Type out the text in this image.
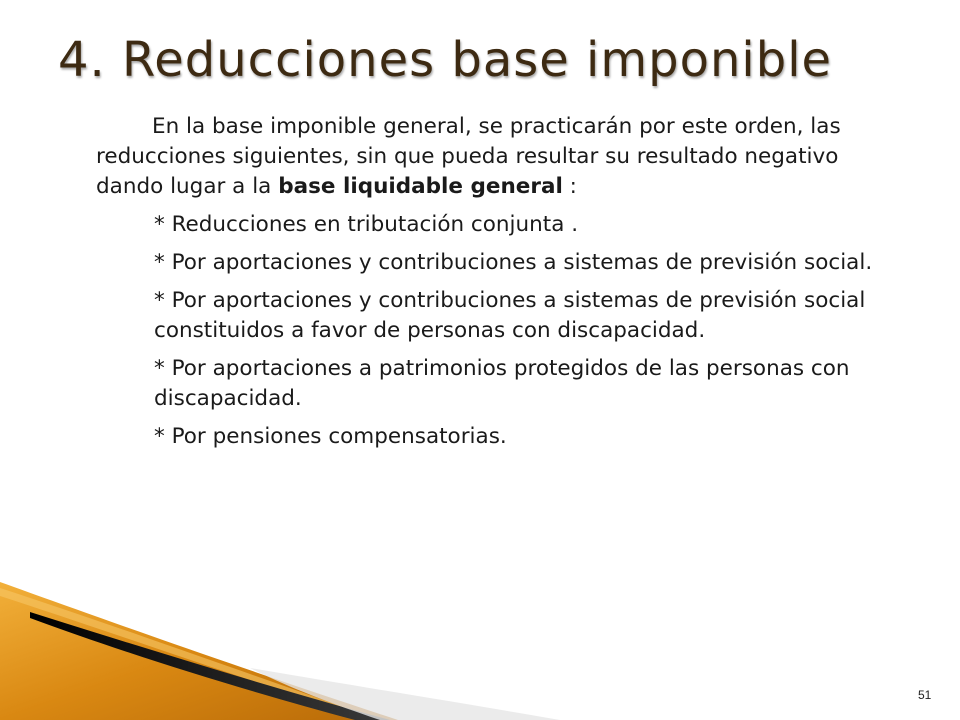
4. Reducciones base imponible

En la base imponible general, se practicarán por este orden, las reducciones siguientes, sin que pueda resultar su resultado negativo dando lugar a la base liquidable general :

* Reducciones en tributación conjunta .
* Por aportaciones y contribuciones a sistemas de previsión social.
* Por aportaciones y contribuciones a sistemas de previsión social constituidos a favor de personas con discapacidad.
* Por aportaciones a patrimonios protegidos de las personas con discapacidad.
* Por pensiones compensatorias.
51
